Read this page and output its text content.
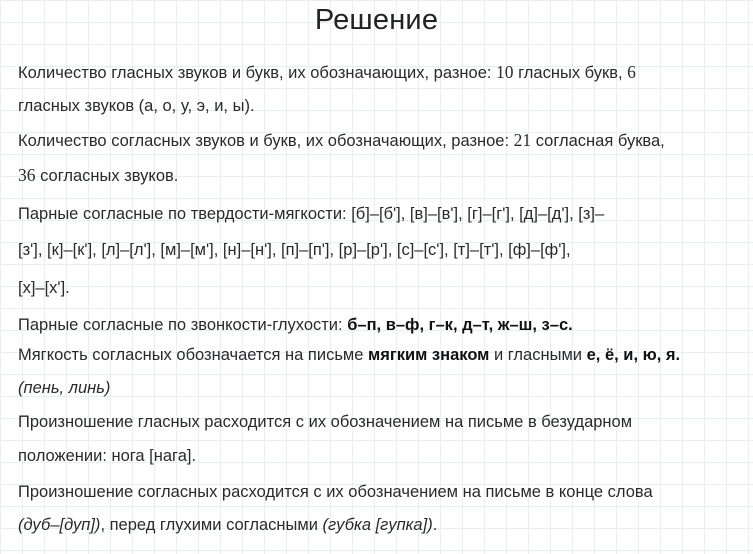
Решение
Количество гласных звуков и букв, их обозначающих, разное: 10 гласных букв, 6
гласных звуков (а, о, у, э, и, ы).
Количество согласных звуков и букв, их обозначающих, разное: 21 согласная буква,
36 согласных звуков.
Парные согласные по твердости-мягкости: [б]–[б'], [в]–[в'], [г]–[г'], [д]–[д'], [з]–
[з'], [к]–[к'], [л]–[л'], [м]–[м'], [н]–[н'], [п]–[п'], [р]–[р'], [с]–[с'], [т]–[т'], [ф]–[ф'],
[х]–[х'].
Парные согласные по звонкости-глухости: б–п, в–ф, г–к, д–т, ж–ш, з–с.
Мягкость согласных обозначается на письме мягким знаком и гласными е, ё, и, ю, я.
(пень, линь)
Произношение гласных расходится с их обозначением на письме в безударном
положении: нога [нага].
Произношение согласных расходится с их обозначением на письме в конце слова
(дуб–[дуп]), перед глухими согласными (губка [гупка]).
